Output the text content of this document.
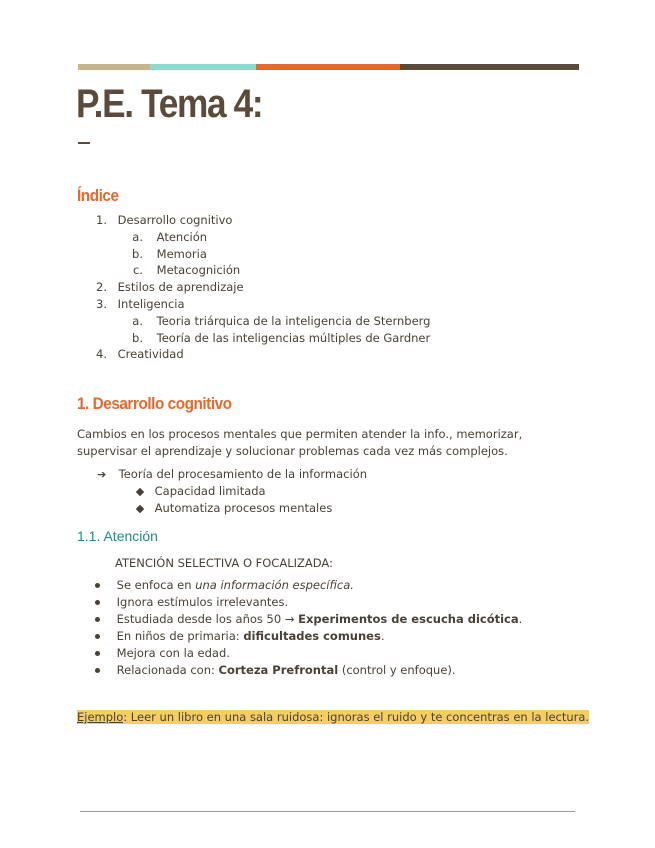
P.E. Tema 4:
Índice
1. Desarrollo cognitivo
a. Atención
b. Memoria
c. Metacognición
2. Estilos de aprendizaje
3. Inteligencia
a. Teoria triárquica de la inteligencia de Sternberg
b. Teoría de las inteligencias múltiples de Gardner
4. Creatividad
1. Desarrollo cognitivo
Cambios en los procesos mentales que permiten atender la info., memorizar, supervisar el aprendizaje y solucionar problemas cada vez más complejos.
➔ Teoría del procesamiento de la información
Capacidad limitada
Automatiza procesos mentales
1.1. Atención
ATENCIÓN SELECTIVA O FOCALIZADA:
Se enfoca en una información específica.
Ignora estímulos irrelevantes.
Estudiada desde los años 50 → Experimentos de escucha dicótica.
En niños de primaria: dificultades comunes.
Mejora con la edad.
Relacionada con: Corteza Prefrontal (control y enfoque).
Ejemplo: Leer un libro en una sala ruidosa: ignoras el ruido y te concentras en la lectura.
